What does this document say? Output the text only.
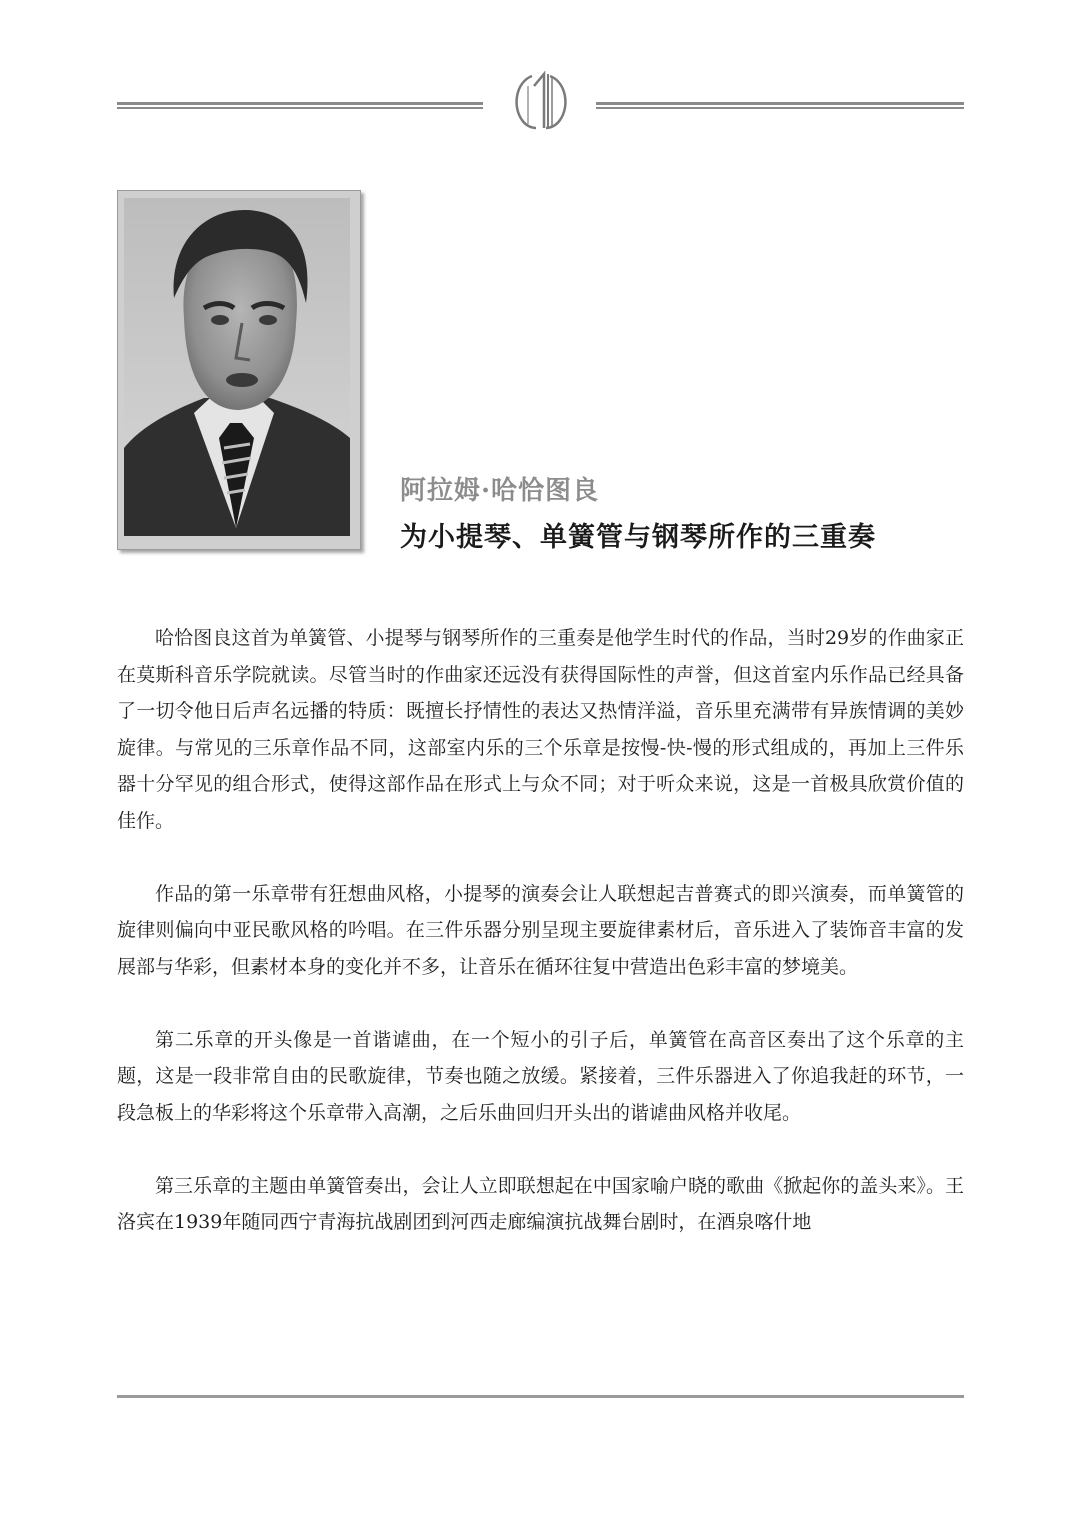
阿拉姆·哈恰图良
为小提琴、单簧管与钢琴所作的三重奏

哈恰图良这首为单簧管、小提琴与钢琴所作的三重奏是他学生时代的作品，当时29岁的作曲家正在莫斯科音乐学院就读。尽管当时的作曲家还远没有获得国际性的声誉，但这首室内乐作品已经具备了一切令他日后声名远播的特质：既擅长抒情性的表达又热情洋溢，音乐里充满带有异族情调的美妙旋律。与常见的三乐章作品不同，这部室内乐的三个乐章是按慢-快-慢的形式组成的，再加上三件乐器十分罕见的组合形式，使得这部作品在形式上与众不同；对于听众来说，这是一首极具欣赏价值的佳作。

作品的第一乐章带有狂想曲风格，小提琴的演奏会让人联想起吉普赛式的即兴演奏，而单簧管的旋律则偏向中亚民歌风格的吟唱。在三件乐器分别呈现主要旋律素材后，音乐进入了装饰音丰富的发展部与华彩，但素材本身的变化并不多，让音乐在循环往复中营造出色彩丰富的梦境美。

第二乐章的开头像是一首谐谑曲，在一个短小的引子后，单簧管在高音区奏出了这个乐章的主题，这是一段非常自由的民歌旋律，节奏也随之放缓。紧接着，三件乐器进入了你追我赶的环节，一段急板上的华彩将这个乐章带入高潮，之后乐曲回归开头出的谐谑曲风格并收尾。

第三乐章的主题由单簧管奏出，会让人立即联想起在中国家喻户晓的歌曲《掀起你的盖头来》。王洛宾在1939年随同西宁青海抗战剧团到河西走廊编演抗战舞台剧时，在酒泉喀什地
